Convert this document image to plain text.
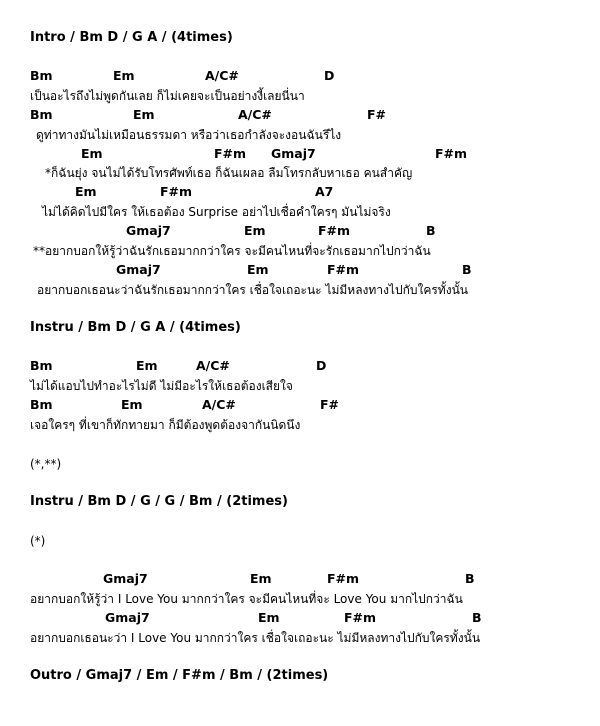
Intro / Bm D / G A / (4times)
Bm	Em	A/C#	D
เป็นอะไรถึงไม่พูดกันเลย ก็ไม่เคยจะเป็นอย่างงี้เลยนี่นา
Bm	Em	A/C#	F#
ดูท่าทางมันไม่เหมือนธรรมดา หรือว่าเธอกำลังจะงอนฉันรึไง
Em	F#m Gmaj7	F#m
*ก็ฉันยุ่ง จนไม่ได้รับโทรศัพท์เธอ ก็ฉันเผลอ ลืมโทรกลับหาเธอ คนสำคัญ
Em	F#m	A7
ไม่ได้คิดไปมีใคร ให้เธอต้อง Surprise อย่าไปเชื่อคำใครๆ มันไม่จริง
Gmaj7	Em	F#m	B
**อยากบอกให้รู้ว่าฉันรักเธอมากกว่าใคร จะมีคนไหนที่จะรักเธอมากไปกว่าฉัน
Gmaj7	Em	F#m	B
อยากบอกเธอนะว่าฉันรักเธอมากกว่าใคร เชื่อใจเถอะนะ ไม่มีหลงทางไปกับใครทั้งนั้น
Instru / Bm D / G A / (4times)
Bm	Em	A/C#	D
ไม่ได้แอบไปทำอะไรไม่ดี ไม่มีอะไรให้เธอต้องเสียใจ
Bm	Em	A/C#	F#
เจอใครๆ ที่เขาก็ทักทายมา ก็มีต้องพูดต้องจากันนิดนึง
(*,**)
Instru / Bm D / G / G / Bm / (2times)
(*)
Gmaj7	Em	F#m	B
อยากบอกให้รู้ว่า I Love You มากกว่าใคร จะมีคนไหนที่จะ Love You มากไปกว่าฉัน
Gmaj7	Em	F#m	B
อยากบอกเธอนะว่า I Love You มากกว่าใคร เชื่อใจเถอะนะ ไม่มีหลงทางไปกับใครทั้งนั้น
Outro / Gmaj7 / Em / F#m / Bm / (2times)
